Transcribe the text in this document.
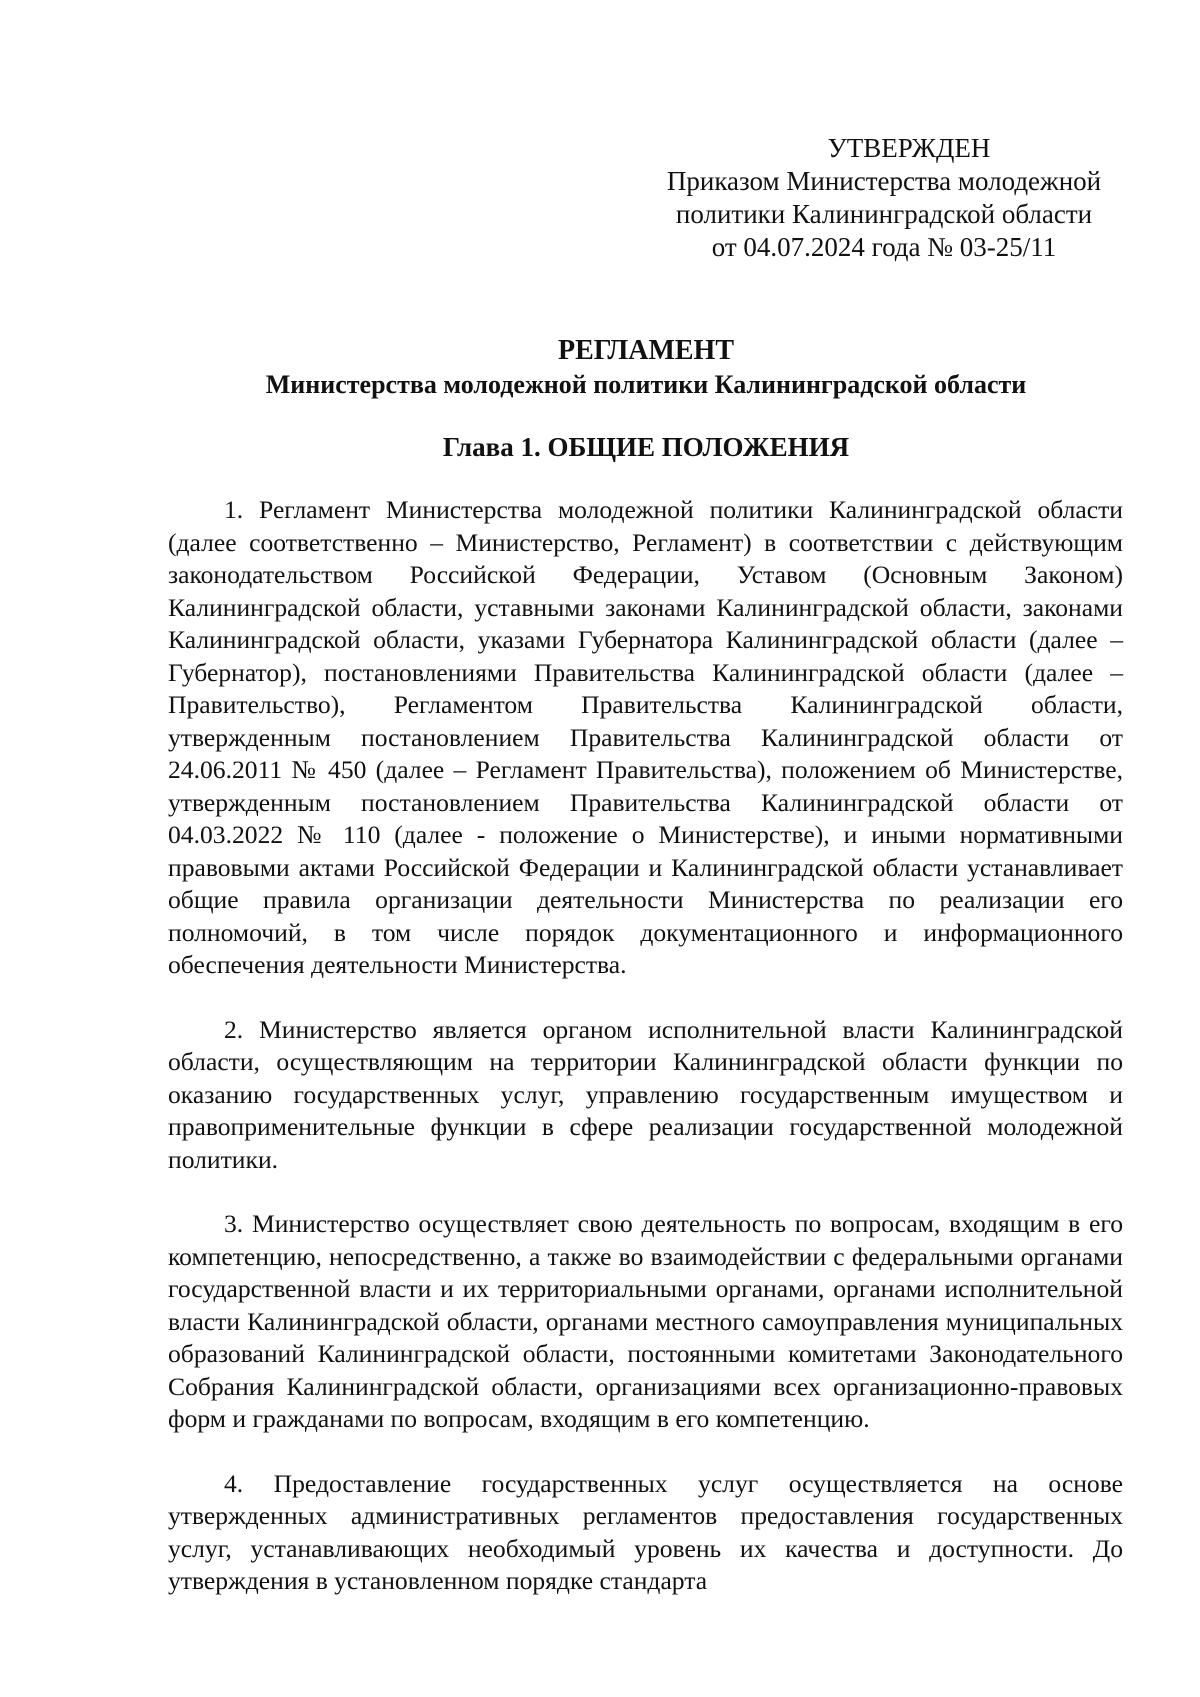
УТВЕРЖДЕН
Приказом Министерства молодежной
политики Калининградской области
от 04.07.2024 года № 03-25/11

РЕГЛАМЕНТ

Министерства молодежной политики Калининградской области

Глава 1. ОБЩИЕ ПОЛОЖЕНИЯ

1. Регламент Министерства молодежной политики Калининградской области (далее соответственно – Министерство, Регламент) в соответствии с действующим законодательством Российской Федерации, Уставом (Основным Законом) Калининградской области, уставными законами Калининградской области, законами Калининградской области, указами Губернатора Калининградской области (далее – Губернатор), постановлениями Правительства Калининградской области (далее – Правительство), Регламентом Правительства Калининградской области, утвержденным постановлением Правительства Калининградской области от 24.06.2011 № 450 (далее – Регламент Правительства), положением об Министерстве, утвержденным постановлением Правительства Калининградской области от 04.03.2022 № 110 (далее - положение о Министерстве), и иными нормативными правовыми актами Российской Федерации и Калининградской области устанавливает общие правила организации деятельности Министерства по реализации его полномочий, в том числе порядок документационного и информационного обеспечения деятельности Министерства.

2. Министерство является органом исполнительной власти Калининградской области, осуществляющим на территории Калининградской области функции по оказанию государственных услуг, управлению государственным имуществом и правоприменительные функции в сфере реализации государственной молодежной политики.

3. Министерство осуществляет свою деятельность по вопросам, входящим в его компетенцию, непосредственно, а также во взаимодействии с федеральными органами государственной власти и их территориальными органами, органами исполнительной власти Калининградской области, органами местного самоуправления муниципальных образований Калининградской области, постоянными комитетами Законодательного Собрания Калининградской области, организациями всех организационно-правовых форм и гражданами по вопросам, входящим в его компетенцию.

4. Предоставление государственных услуг осуществляется на основе утвержденных административных регламентов предоставления государственных услуг, устанавливающих необходимый уровень их качества и доступности. До утверждения в установленном порядке стандарта
